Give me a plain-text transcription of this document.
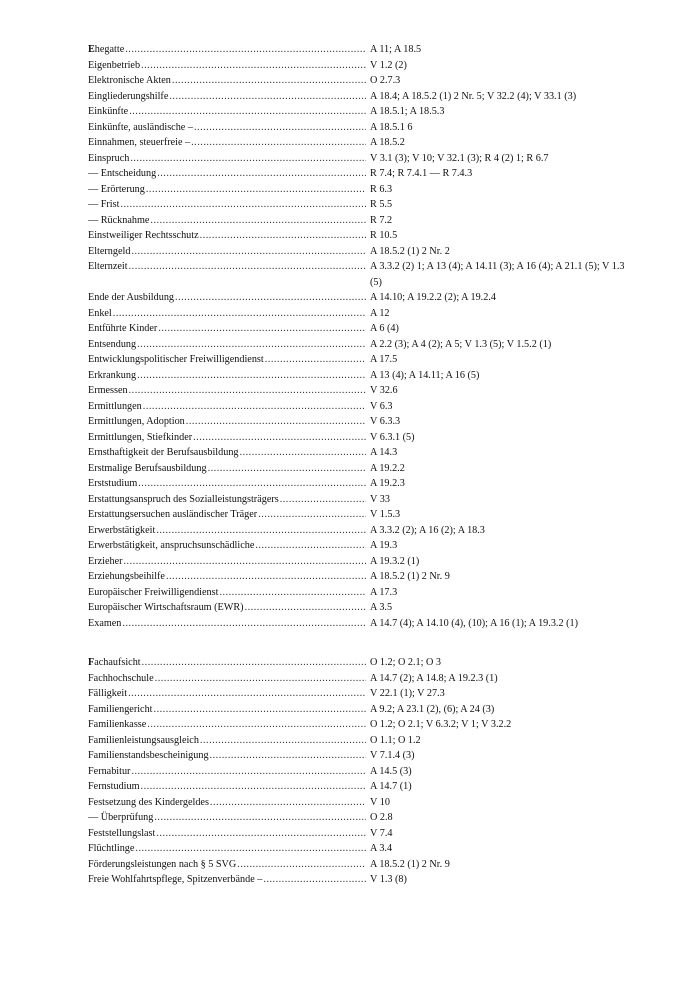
Ehegatte .....	A 11; A 18.5
Eigenbetrieb .....	V 1.2 (2)
Elektronische Akten .....	O 2.7.3
Eingliederungshilfe .....	A 18.4; A 18.5.2 (1) 2 Nr. 5; V 32.2 (4); V 33.1 (3)
Einkünfte .....	A 18.5.1; A 18.5.3
Einkünfte, ausländische – .....	A 18.5.1 6
Einnahmen, steuerfreie – .....	A 18.5.2
Einspruch .....	V 3.1 (3); V 10; V 32.1 (3); R 4 (2) 1; R 6.7
— Entscheidung .....	R 7.4; R 7.4.1 — R 7.4.3
— Erörterung .....	R 6.3
— Frist .....	R 5.5
— Rücknahme .....	R 7.2
Einstweiliger Rechtsschutz .....	R 10.5
Elterngeld .....	A 18.5.2 (1) 2 Nr. 2
Elternzeit .....	A 3.3.2 (2) 1; A 13 (4); A 14.11 (3); A 16 (4); A 21.1 (5); V 1.3 (5)
Ende der Ausbildung .....	A 14.10; A 19.2.2 (2); A 19.2.4
Enkel .....	A 12
Entführte Kinder .....	A 6 (4)
Entsendung .....	A 2.2 (3); A 4 (2); A 5; V 1.3 (5); V 1.5.2 (1)
Entwicklungspolitischer Freiwilligendienst .....	A 17.5
Erkrankung .....	A 13 (4); A 14.11; A 16 (5)
Ermessen .....	V 32.6
Ermittlungen .....	V 6.3
Ermittlungen, Adoption .....	V 6.3.3
Ermittlungen, Stiefkinder .....	V 6.3.1 (5)
Ernsthaftigkeit der Berufsausbildung .....	A 14.3
Erstmalige Berufsausbildung .....	A 19.2.2
Erststudium .....	A 19.2.3
Erstattungsanspruch des Sozialleistungsträgers .....	V 33
Erstattungsersuchen ausländischer Träger .....	V 1.5.3
Erwerbstätigkeit .....	A 3.3.2 (2); A 16 (2); A 18.3
Erwerbstätigkeit, anspruchsunschädliche .....	A 19.3
Erzieher .....	A 19.3.2 (1)
Erziehungsbeihilfe .....	A 18.5.2 (1) 2 Nr. 9
Europäischer Freiwilligendienst .....	A 17.3
Europäischer Wirtschaftsraum (EWR) .....	A 3.5
Examen .....	A 14.7 (4); A 14.10 (4), (10); A 16 (1); A 19.3.2 (1)
Fachaufsicht .....	O 1.2; O 2.1; O 3
Fachhochschule .....	A 14.7 (2); A 14.8; A 19.2.3 (1)
Fälligkeit .....	V 22.1 (1); V 27.3
Familiengericht .....	A 9.2; A 23.1 (2), (6); A 24 (3)
Familienkasse .....	O 1.2; O 2.1; V 6.3.2; V 1; V 3.2.2
Familienleistungsausgleich .....	O 1.1; O 1.2
Familienstandsbescheinigung .....	V 7.1.4 (3)
Fernabitur .....	A 14.5 (3)
Fernstudium .....	A 14.7 (1)
Festsetzung des Kindergeldes .....	V 10
— Überprüfung .....	O 2.8
Feststellungslast .....	V 7.4
Flüchtlinge .....	A 3.4
Förderungsleistungen nach § 5 SVG .....	A 18.5.2 (1) 2 Nr. 9
Freie Wohlfahrtspflege, Spitzenverbände – .....	V 1.3 (8)
